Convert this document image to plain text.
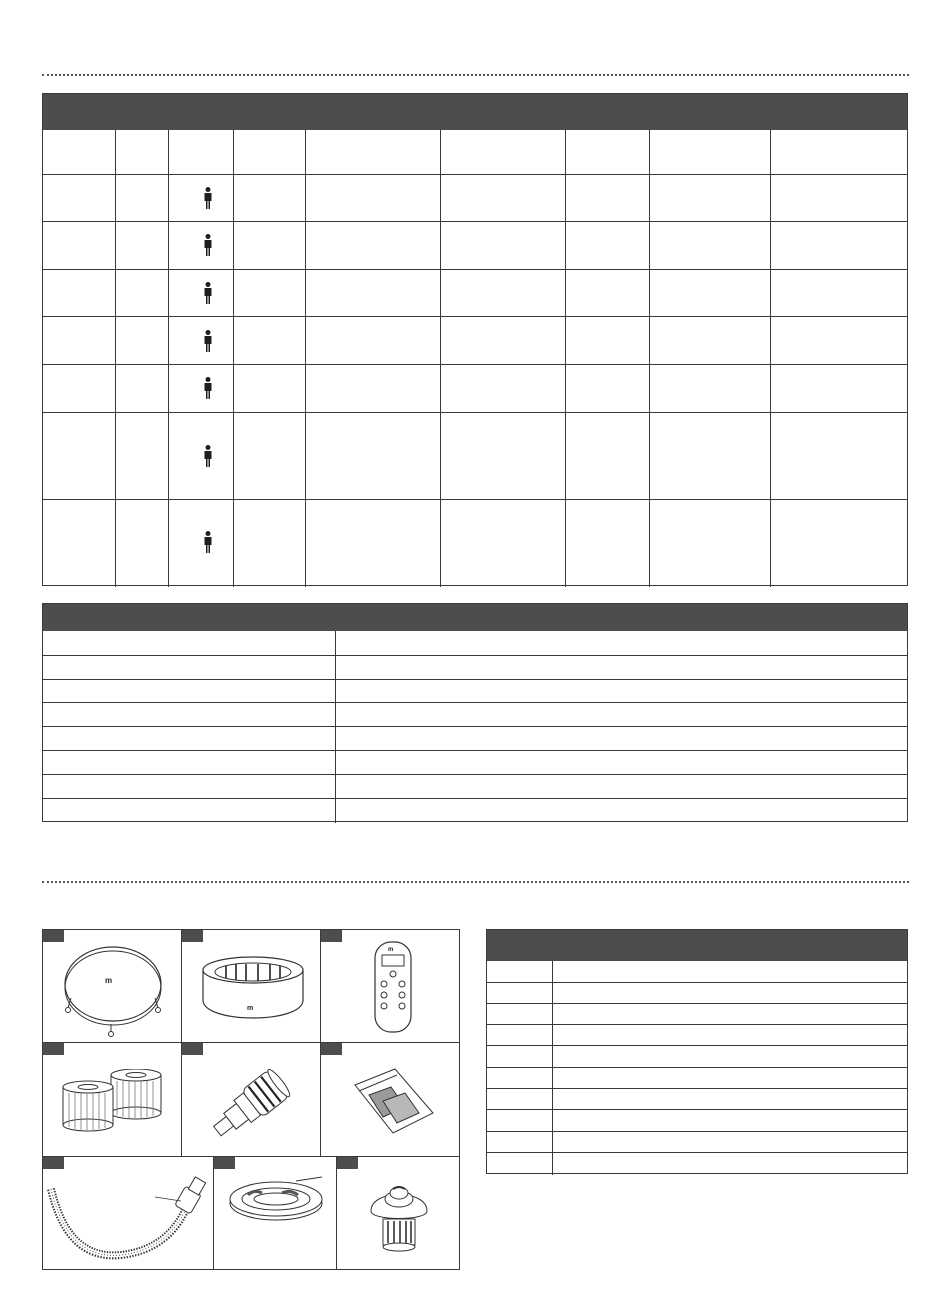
m
m
m
